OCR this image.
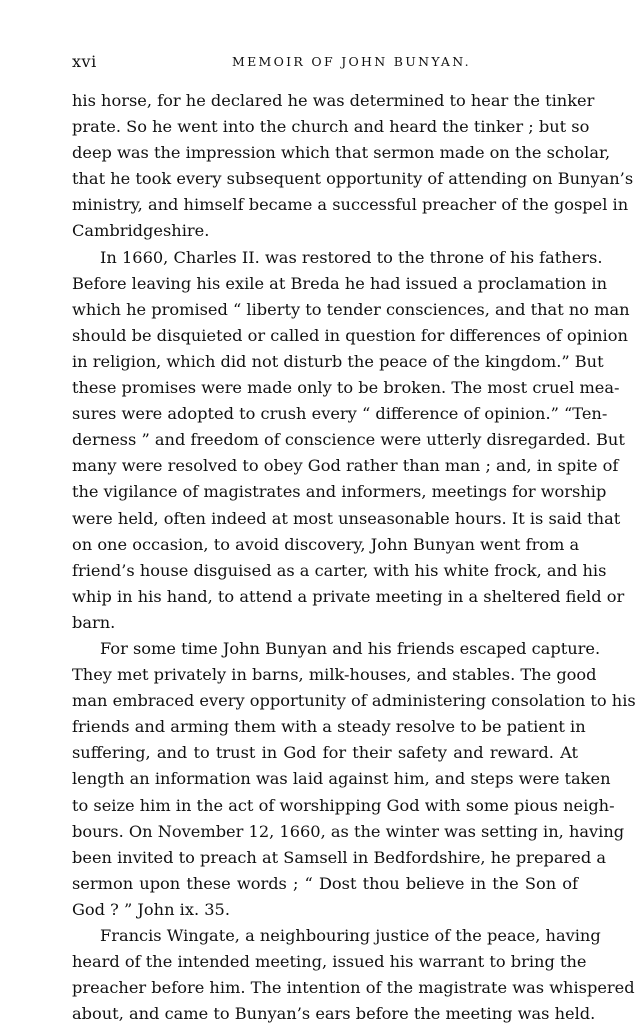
xvi	MEMOIR OF JOHN BUNYAN.
his horse, for he declared he was determined to hear the tinker
prate. So he went into the church and heard the tinker ; but so
deep was the impression which that sermon made on the scholar,
that he took every subsequent opportunity of attending on Bunyan’s
ministry, and himself became a successful preacher of the gospel in
Cambridgeshire.
In 1660, Charles II. was restored to the throne of his fathers.
Before leaving his exile at Breda he had issued a proclamation in
which he promised “ liberty to tender consciences, and that no man
should be disquieted or called in question for differences of opinion
in religion, which did not disturb the peace of the kingdom.” But
these promises were made only to be broken. The most cruel mea-
sures were adopted to crush every “ difference of opinion.” “Ten-
derness ” and freedom of conscience were utterly disregarded. But
many were resolved to obey God rather than man ; and, in spite of
the vigilance of magistrates and informers, meetings for worship
were held, often indeed at most unseasonable hours. It is said that
on one occasion, to avoid discovery, John Bunyan went from a
friend’s house disguised as a carter, with his white frock, and his
whip in his hand, to attend a private meeting in a sheltered field or
barn.
For some time John Bunyan and his friends escaped capture.
They met privately in barns, milk-houses, and stables. The good
man embraced every opportunity of administering consolation to his
friends and arming them with a steady resolve to be patient in
suffering, and to trust in God for their safety and reward. At
length an information was laid against him, and steps were taken
to seize him in the act of worshipping God with some pious neigh-
bours. On November 12, 1660, as the winter was setting in, having
been invited to preach at Samsell in Bedfordshire, he prepared a
sermon upon these words ; “ Dost thou believe in the Son of
God ? ” John ix. 35.
Francis Wingate, a neighbouring justice of the peace, having
heard of the intended meeting, issued his warrant to bring the
preacher before him. The intention of the magistrate was whispered
about, and came to Bunyan’s ears before the meeting was held.
